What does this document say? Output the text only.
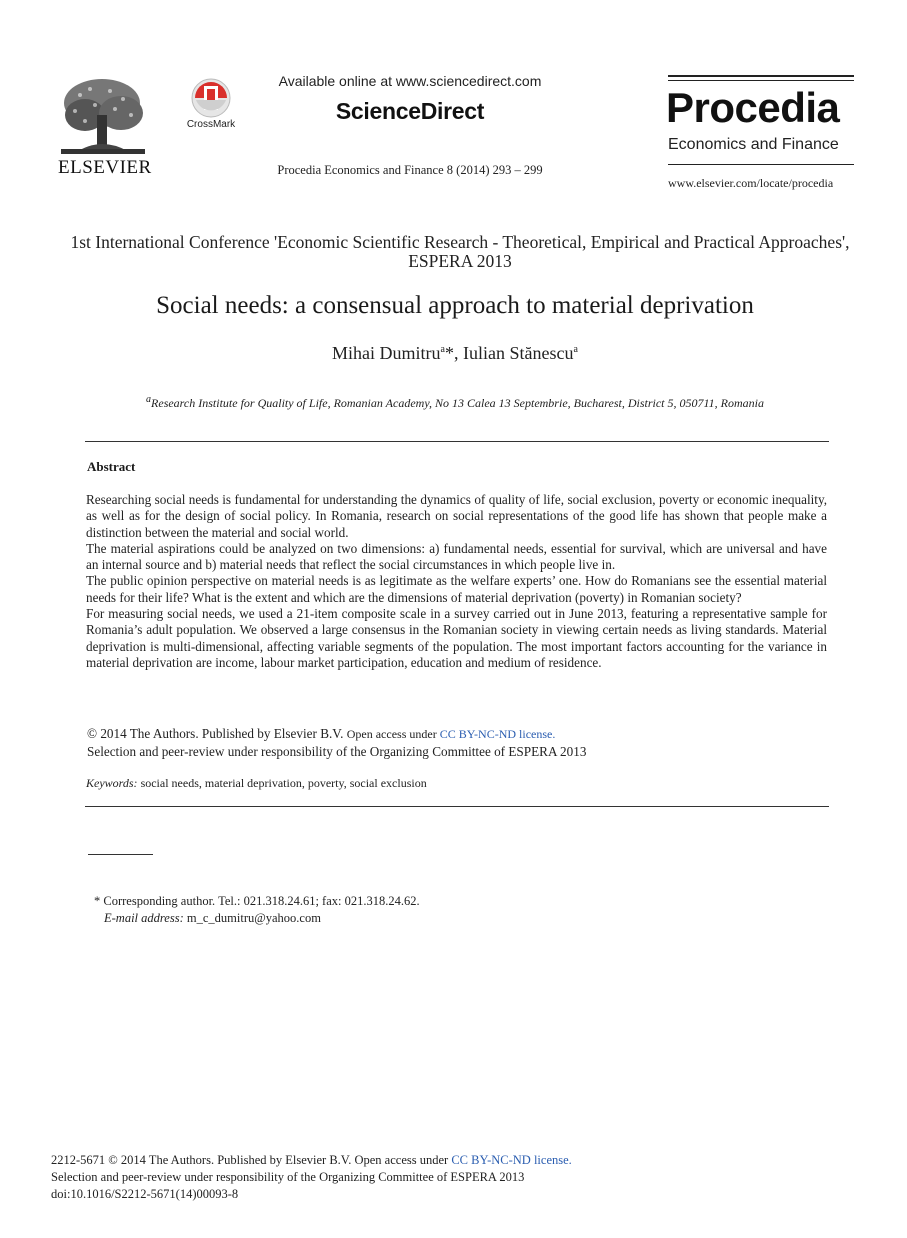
ELSEVIER
CrossMark
Available online at www.sciencedirect.com
ScienceDirect
Procedia Economics and Finance 8 (2014) 293 – 299
Procedia
Economics and Finance
www.elsevier.com/locate/procedia
1st International Conference 'Economic Scientific Research - Theoretical, Empirical and Practical Approaches', ESPERA 2013
Social needs: a consensual approach to material deprivation
Mihai Dumitru$^a$*, Iulian Stănescu$^a$
$^a$Research Institute for Quality of Life, Romanian Academy, No 13 Calea 13 Septembrie, Bucharest, District 5, 050711, Romania
Abstract

Researching social needs is fundamental for understanding the dynamics of quality of life, social exclusion, poverty or economic inequality, as well as for the design of social policy. In Romania, research on social representations of the good life has shown that people make a distinction between the material and social world.

The material aspirations could be analyzed on two dimensions: a) fundamental needs, essential for survival, which are universal and have an internal source and b) material needs that reflect the social circumstances in which people live in.

The public opinion perspective on material needs is as legitimate as the welfare experts’ one. How do Romanians see the essential material needs for their life? What is the extent and which are the dimensions of material deprivation (poverty) in Romanian society?

For measuring social needs, we used a 21-item composite scale in a survey carried out in June 2013, featuring a representative sample for Romania’s adult population. We observed a large consensus in the Romanian society in viewing certain needs as living standards. Material deprivation is multi-dimensional, affecting variable segments of the population. The most important factors accounting for the variance in material deprivation are income, labour market participation, education and medium of residence.

© 2014 The Authors. Published by Elsevier B.V. Open access under CC BY-NC-ND license.
Selection and peer-review under responsibility of the Organizing Committee of ESPERA 2013
Keywords: social needs, material deprivation, poverty, social exclusion
* Corresponding author. Tel.: 021.318.24.61; fax: 021.318.24.62.
E-mail address: m_c_dumitru@yahoo.com
2212-5671 © 2014 The Authors. Published by Elsevier B.V. Open access under CC BY-NC-ND license.
Selection and peer-review under responsibility of the Organizing Committee of ESPERA 2013
doi:10.1016/S2212-5671(14)00093-8
